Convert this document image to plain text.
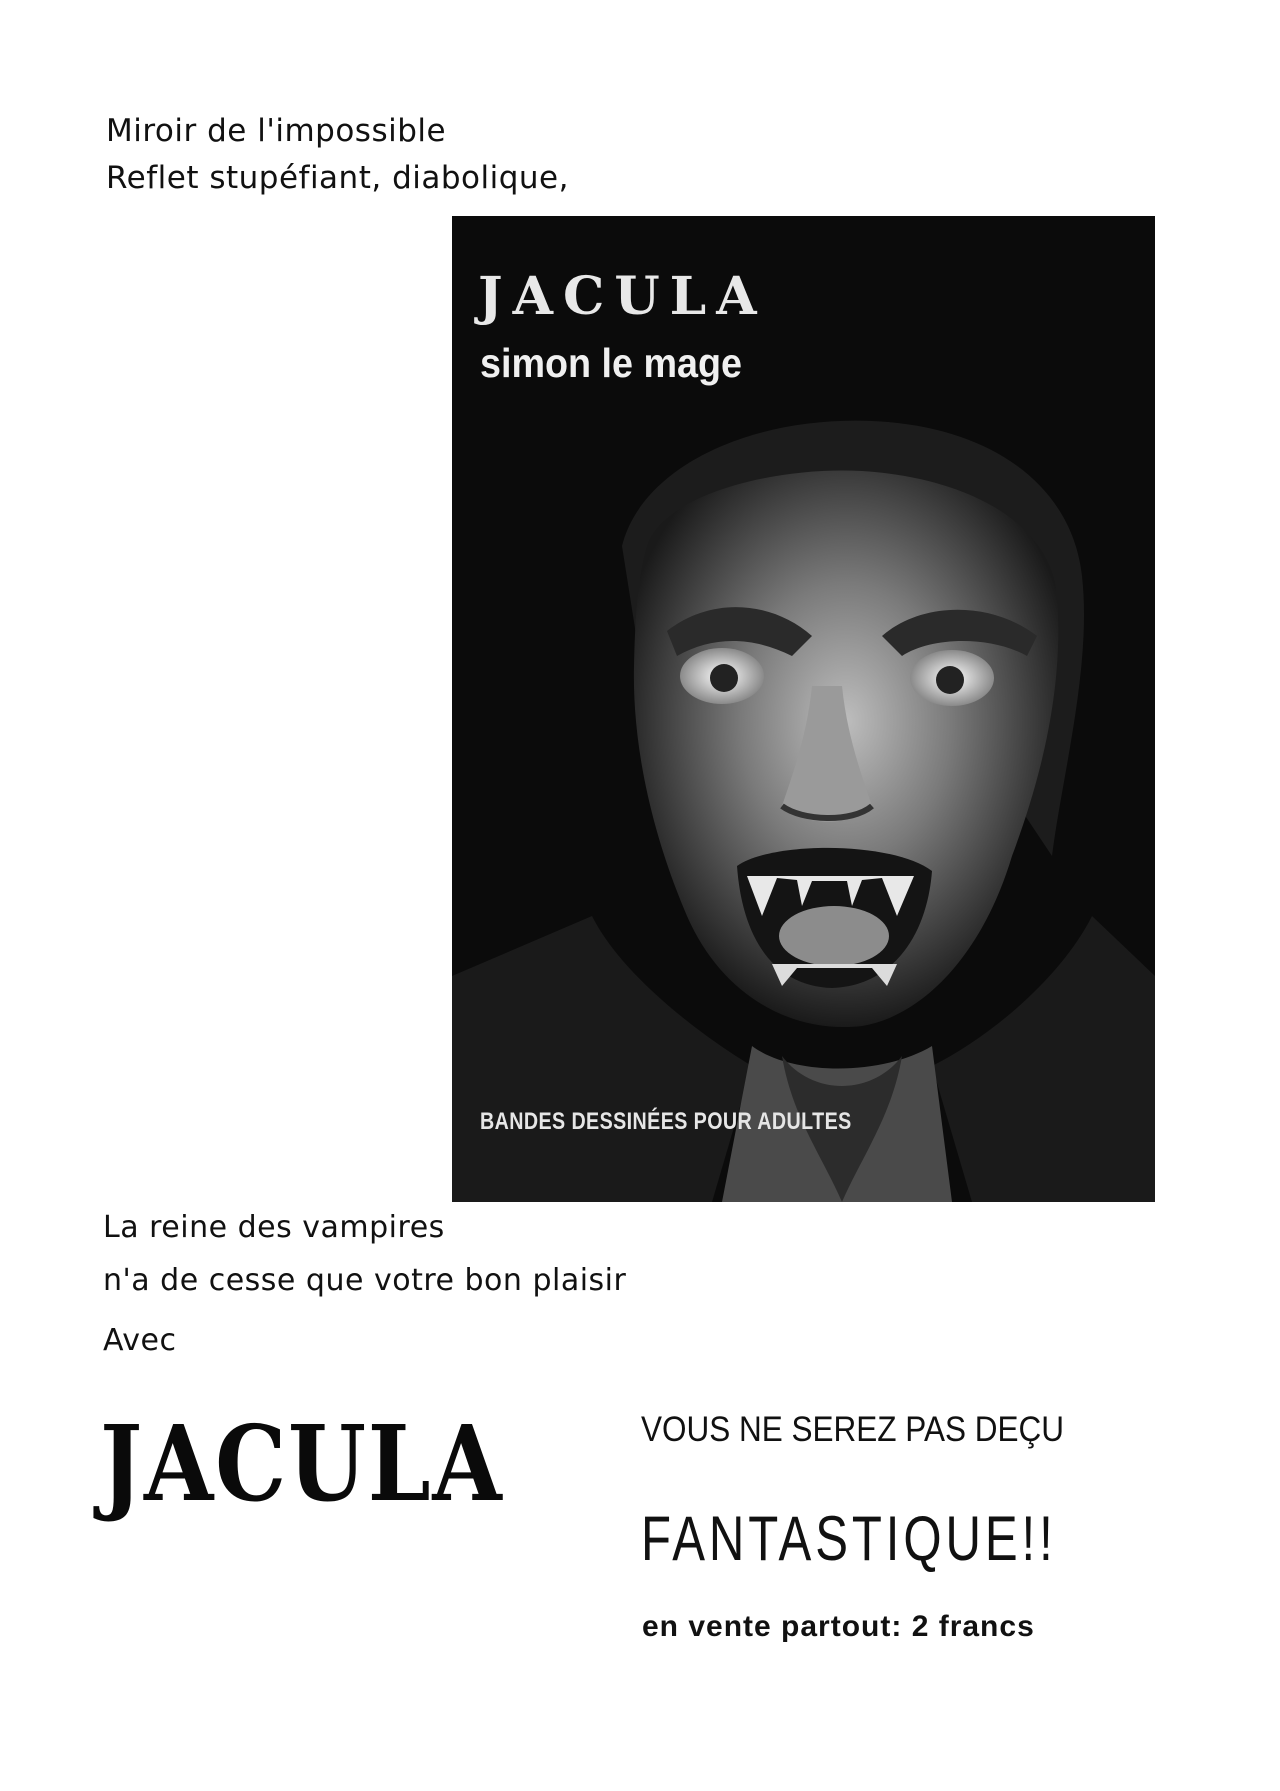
Miroir de l'impossible
Reflet stupéfiant, diabolique,
JACULA
simon le mage
BANDES DESSINÉES POUR ADULTES
La reine des vampires
n'a de cesse que votre bon plaisir
Avec
JACULA	VOUS NE SEREZ PAS DEÇU
FANTASTIQUE!!
en vente partout: 2 francs
